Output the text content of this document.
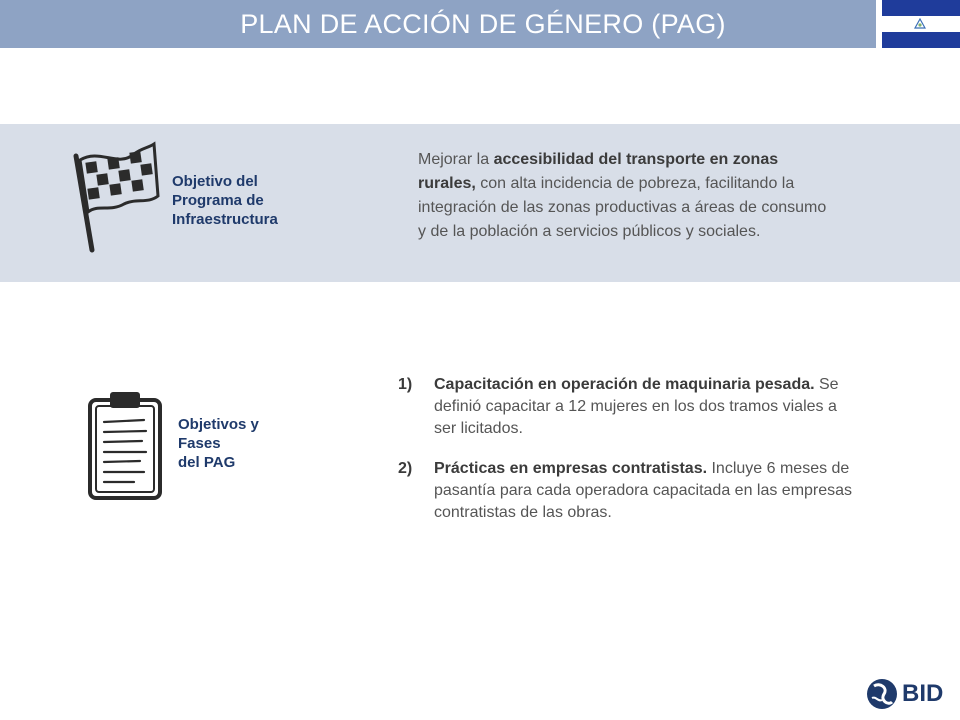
PLAN DE ACCIÓN DE GÉNERO (PAG)
Objetivo del
Programa de
Infraestructura
Mejorar la accesibilidad del transporte en zonas rurales, con alta incidencia de pobreza, facilitando la integración de las zonas productivas a áreas de consumo y de la población a servicios públicos y sociales.
Objetivos y
Fases
del PAG
1)	Capacitación en operación de maquinaria pesada. Se definió capacitar a 12 mujeres en los dos tramos viales a ser licitados.
2)	Prácticas en empresas contratistas. Incluye 6 meses de pasantía para cada operadora capacitada en las empresas contratistas de las obras.
BID
